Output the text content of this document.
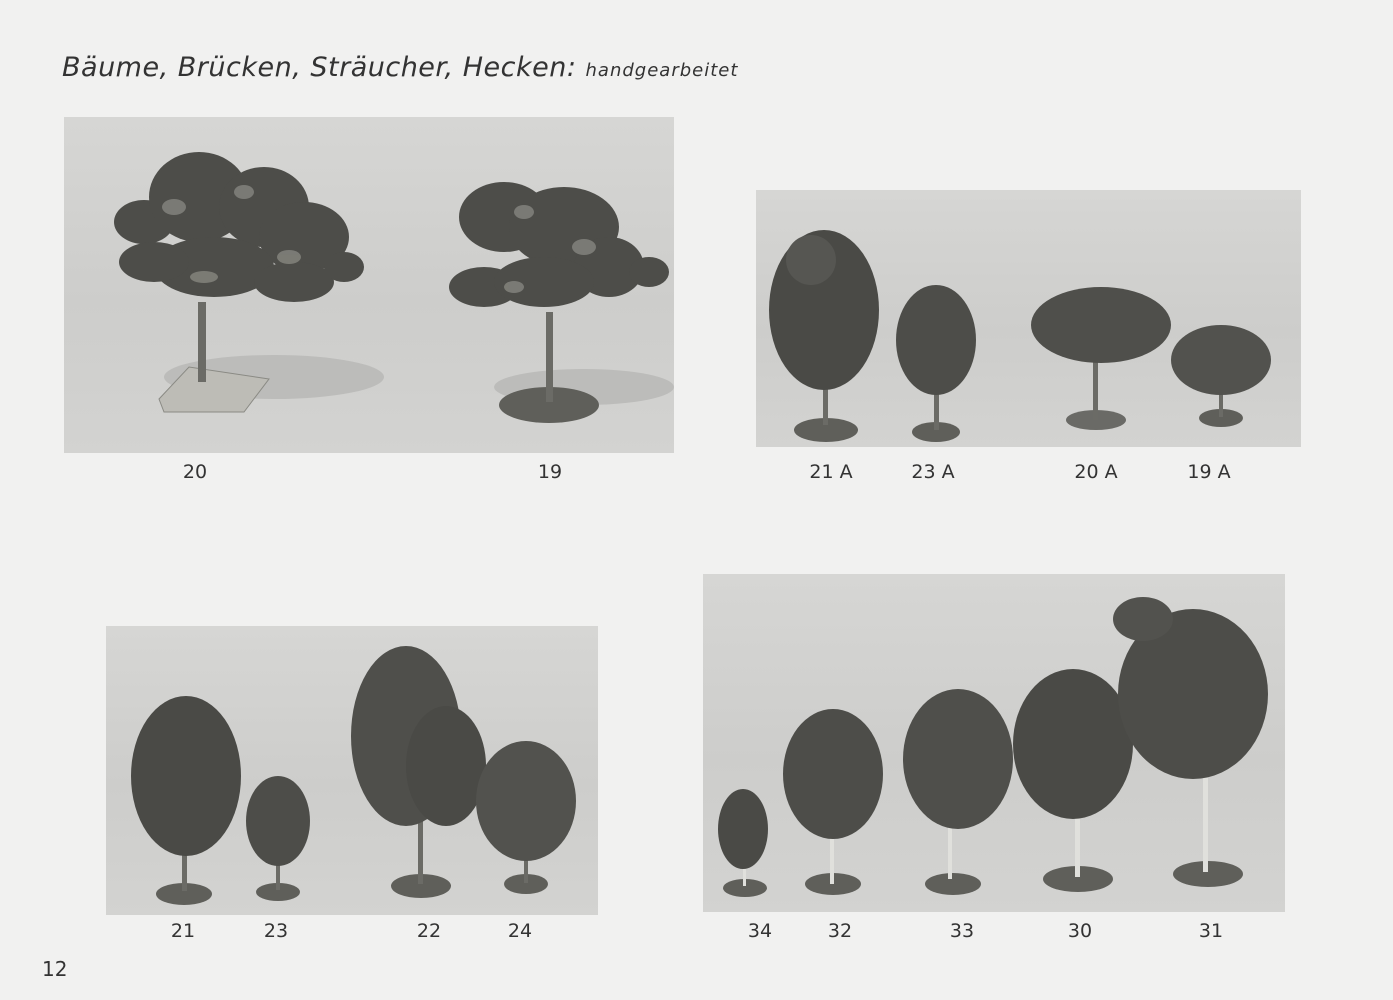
Bäume, Brücken, Sträucher, Hecken: handgearbeitet
20	19	21 A	23 A	20 A	19 A
21	23	22	24	34	32	33	30	31
12
